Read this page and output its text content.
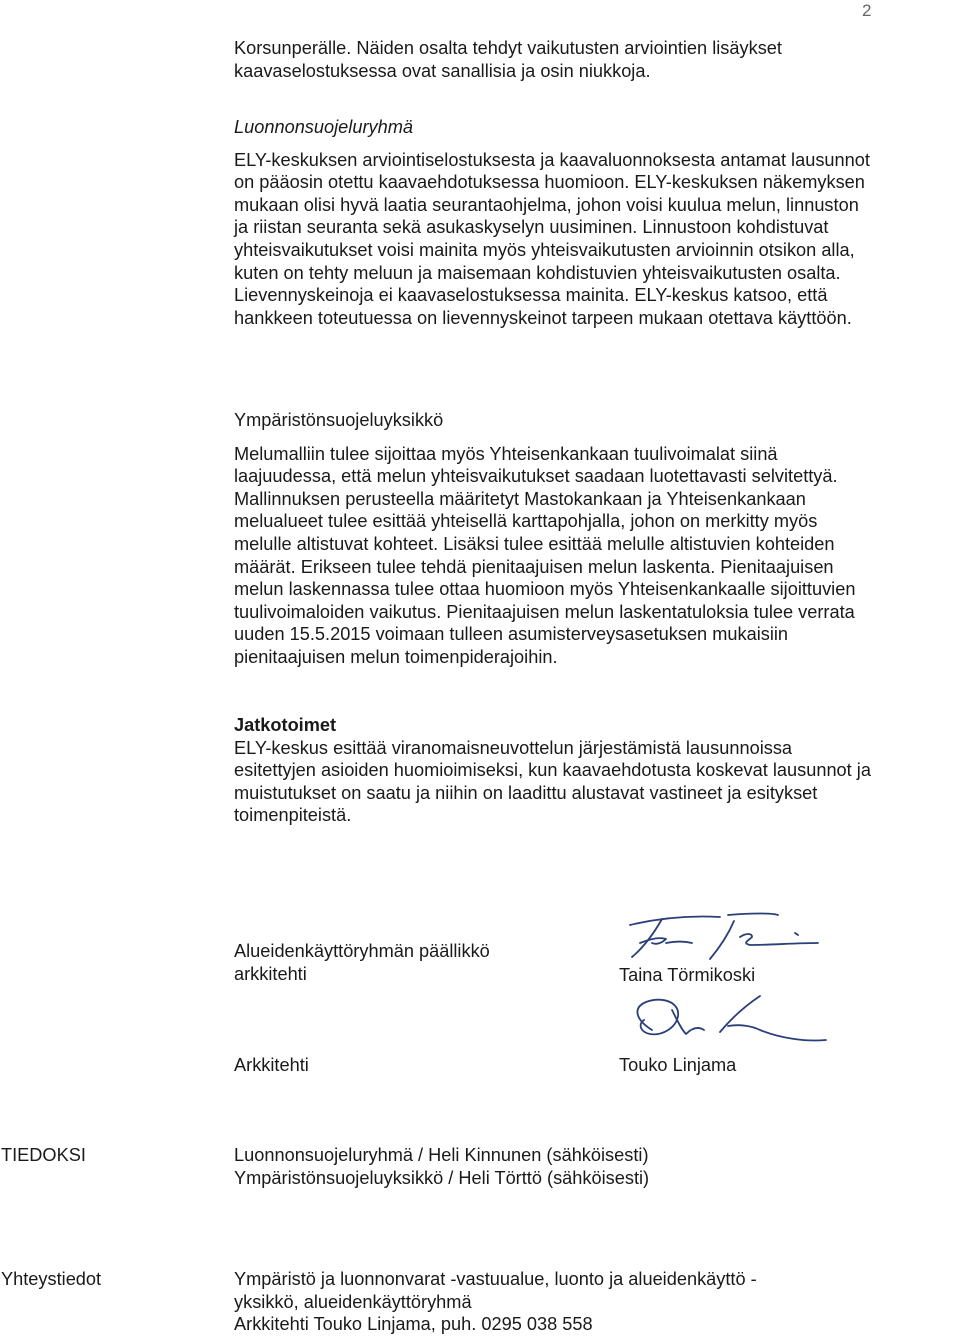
2

Korsunperälle. Näiden osalta tehdyt vaikutusten arviointien lisäykset kaavaselostuksessa ovat sanallisia ja osin niukkoja.

Luonnonsuojeluryhmä

ELY-keskuksen arviointiselostuksesta ja kaavaluonnoksesta antamat lausunnot on pääosin otettu kaavaehdotuksessa huomioon. ELY-keskuksen näkemyksen mukaan olisi hyvä laatia seurantaohjelma, johon voisi kuulua melun, linnuston ja riistan seuranta sekä asukaskyselyn uusiminen. Linnustoon kohdistuvat yhteisvaikutukset voisi mainita myös yhteisvaikutusten arvioinnin otsikon alla, kuten on tehty meluun ja maisemaan kohdistuvien yhteisvaikutusten osalta. Lievennyskeinoja ei kaavaselostuksessa mainita. ELY-keskus katsoo, että hankkeen toteutuessa on lievennyskeinot tarpeen mukaan otettava käyttöön.

Ympäristönsuojeluyksikkö

Melumalliin tulee sijoittaa myös Yhteisenkankaan tuulivoimalat siinä laajuudessa, että melun yhteisvaikutukset saadaan luotettavasti selvitettyä. Mallinnuksen perusteella määritetyt Mastokankaan ja Yhteisenkankaan melualueet tulee esittää yhteisellä karttapohjalla, johon on merkitty myös melulle altistuvat kohteet. Lisäksi tulee esittää melulle altistuvien kohteiden määrät. Erikseen tulee tehdä pienitaajuisen melun laskenta. Pienitaajuisen melun laskennassa tulee ottaa huomioon myös Yhteisenkankaalle sijoittuvien tuulivoimaloiden vaikutus. Pienitaajuisen melun laskentatuloksia tulee verrata uuden 15.5.2015 voimaan tulleen asumisterveysasetuksen mukaisiin pienitaajuisen melun toimenpiderajoihin.

Jatkotoimet

ELY-keskus esittää viranomaisneuvottelun järjestämistä lausunnoissa esitettyjen asioiden huomioimiseksi, kun kaavaehdotusta koskevat lausunnot ja muistutukset on saatu ja niihin on laadittu alustavat vastineet ja esitykset toimenpiteistä.

Alueidenkäyttöryhmän päällikkö
arkkitehti	Taina Törmikoski
Arkkitehti	Touko Linjama
TIEDOKSI	Luonnonsuojeluryhmä / Heli Kinnunen (sähköisesti)
Ympäristönsuojeluyksikkö / Heli Törttö (sähköisesti)
Yhteystiedot	Ympäristö ja luonnonvarat -vastuualue, luonto ja alueidenkäyttö -
yksikkö, alueidenkäyttöryhmä
Arkkitehti Touko Linjama, puh. 0295 038 558
